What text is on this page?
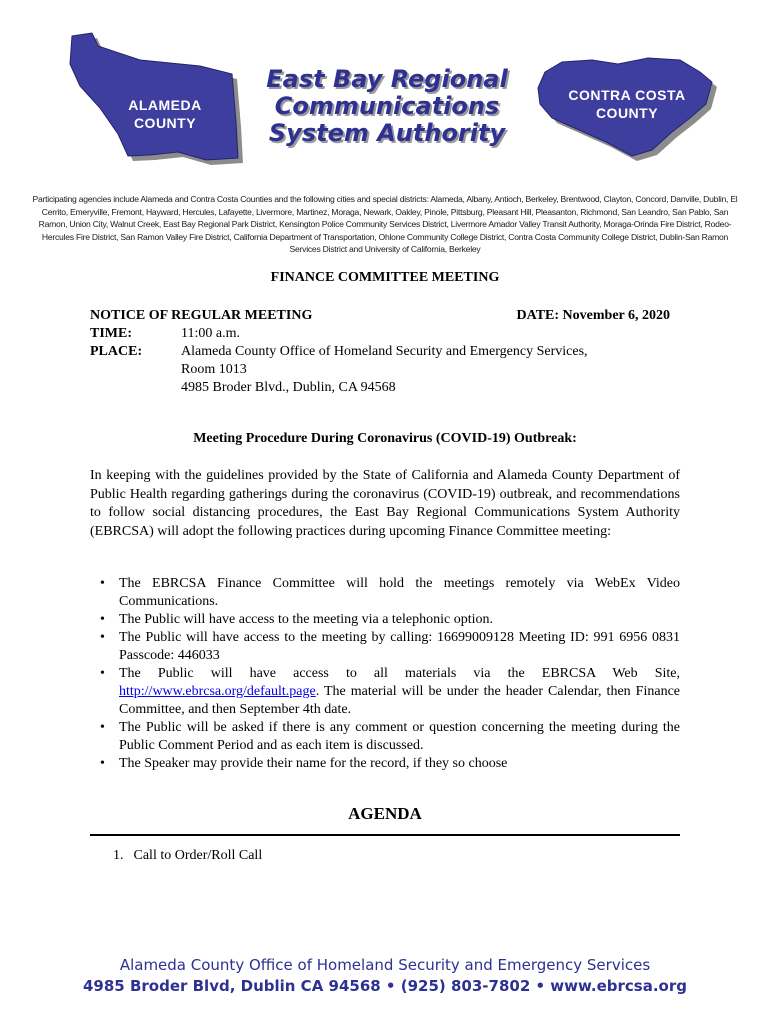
ALAMEDA
COUNTY
CONTRA COSTA
COUNTY
East Bay Regional
Communications
System Authority
Participating agencies include Alameda and Contra Costa Counties and the following cities and special districts: Alameda, Albany, Antioch, Berkeley, Brentwood, Clayton, Concord, Danville, Dublin, El Cerrito, Emeryville, Fremont, Hayward, Hercules, Lafayette, Livermore, Martinez, Moraga, Newark, Oakley, Pinole, Pittsburg, Pleasant Hill, Pleasanton, Richmond, San Leandro, San Pablo, San Ramon, Union City, Walnut Creek, East Bay Regional Park District, Kensington Police Community Services District, Livermore Amador Valley Transit Authority, Moraga-Orinda Fire District, Rodeo-Hercules Fire District, San Ramon Valley Fire District, California Department of Transportation, Ohlone Community College District, Contra Costa Community College District, Dublin-San Ramon Services District and University of California, Berkeley
FINANCE COMMITTEE MEETING
NOTICE OF REGULAR MEETING	DATE: November 6, 2020
TIME:	11:00 a.m.
PLACE:	Alameda County Office of Homeland Security and Emergency Services,
Room 1013
4985 Broder Blvd., Dublin, CA 94568
Meeting Procedure During Coronavirus (COVID-19) Outbreak:

In keeping with the guidelines provided by the State of California and Alameda County Department of Public Health regarding gatherings during the coronavirus (COVID-19) outbreak, and recommendations to follow social distancing procedures, the East Bay Regional Communications System Authority (EBRCSA) will adopt the following practices during upcoming Finance Committee meeting:

• The EBRCSA Finance Committee will hold the meetings remotely via WebEx Video Communications.
• The Public will have access to the meeting via a telephonic option.
• The Public will have access to the meeting by calling: 16699009128 Meeting ID: 991 6956 0831 Passcode: 446033
• The Public will have access to all materials via the EBRCSA Web Site, http://www.ebrcsa.org/default.page. The material will be under the header Calendar, then Finance Committee, and then September 4th date.
• The Public will be asked if there is any comment or question concerning the meeting during the Public Comment Period and as each item is discussed.
• The Speaker may provide their name for the record, if they so choose
AGENDA
1. Call to Order/Roll Call
Alameda County Office of Homeland Security and Emergency Services
4985 Broder Blvd, Dublin CA 94568 • (925) 803-7802 • www.ebrcsa.org
